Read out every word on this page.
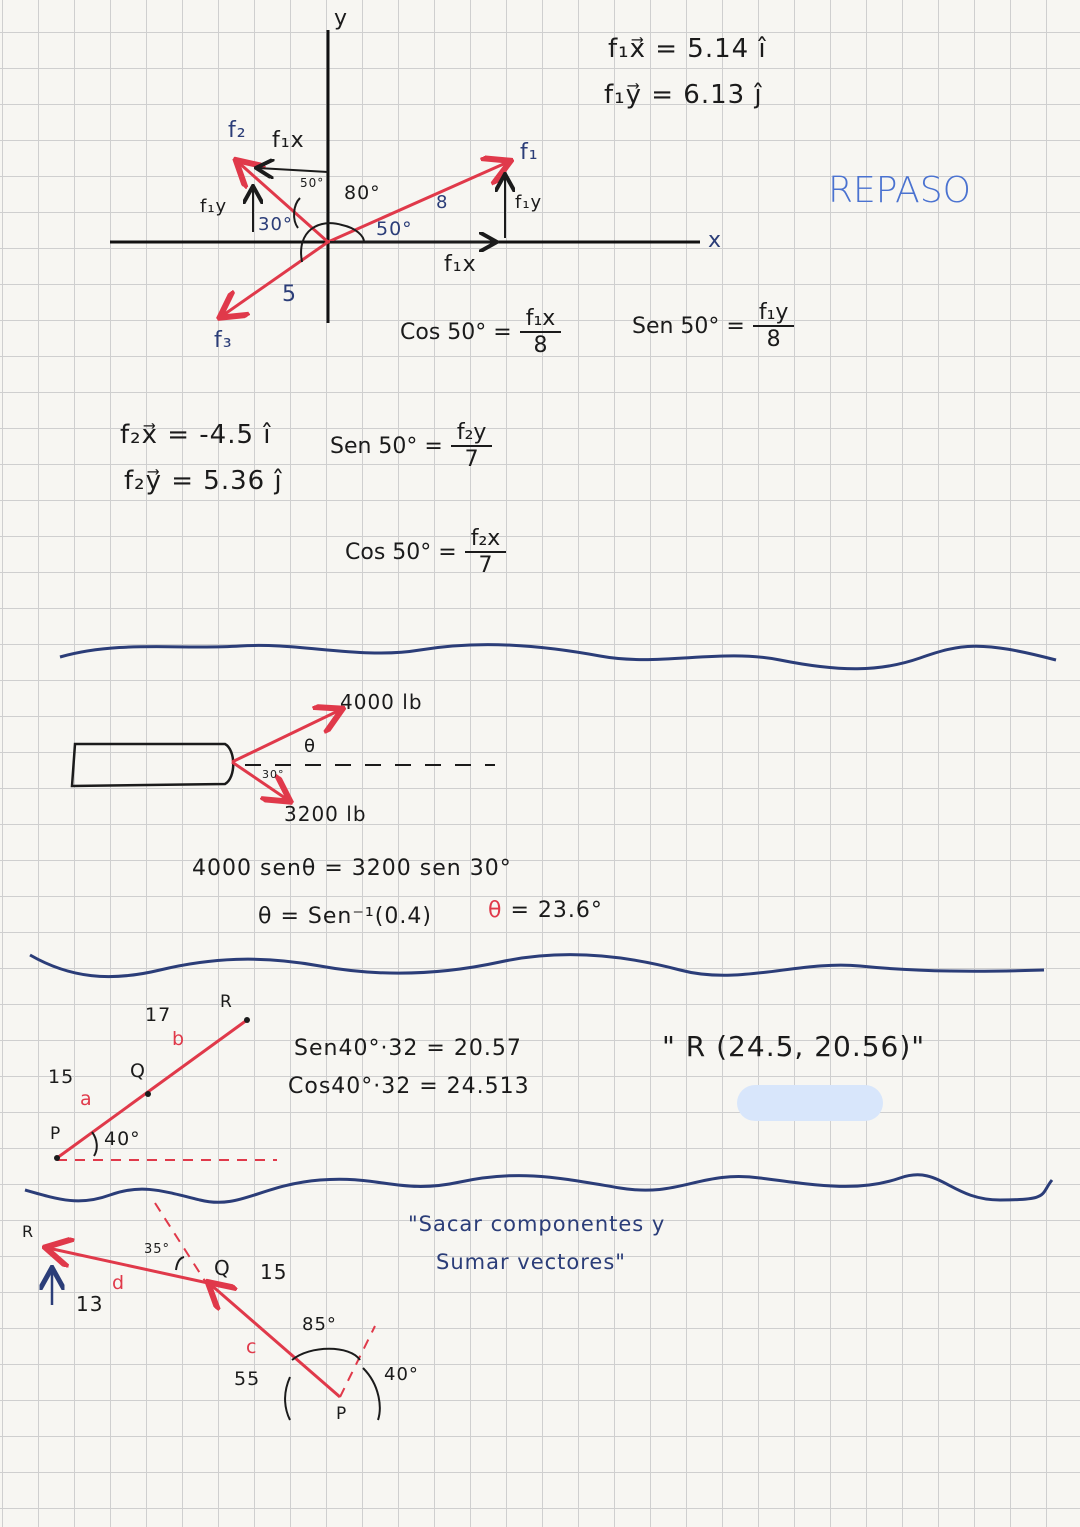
REPASO
y
x
f₁
f₂
f₃
f₁x
f₁y	f₁y
f₁x
80°
50°
50°
30°
8
5
f₁x⃗ = 5.14 î
f₁y⃗ = 6.13 ĵ
Cos $50^\circ = \frac{\text{f₁x}}{8}$	Sen $50^\circ = \frac{\text{f₁y}}{8}$
f₂x⃗ = -4.5 î
f₂y⃗ = 5.36 ĵ
Sen $50^\circ = \frac{\text{f₂y}}{7}$
Cos $50^\circ = \frac{\text{f₂x}}{7}$
4000 lb
3200 lb
θ
30°
4000 senθ = 3200 sen 30°
θ = Sen⁻¹(0.4)	θ = 23.6°
15
a
Q
17
b
R
P 40°
Sen40°·32 = 20.57
Cos40°·32 = 24.513
" R (24.5, 20.56)"
R
35°
Q 15
d
13
85°
c
55	40°
P
"Sacar componentes y
Sumar vectores"
